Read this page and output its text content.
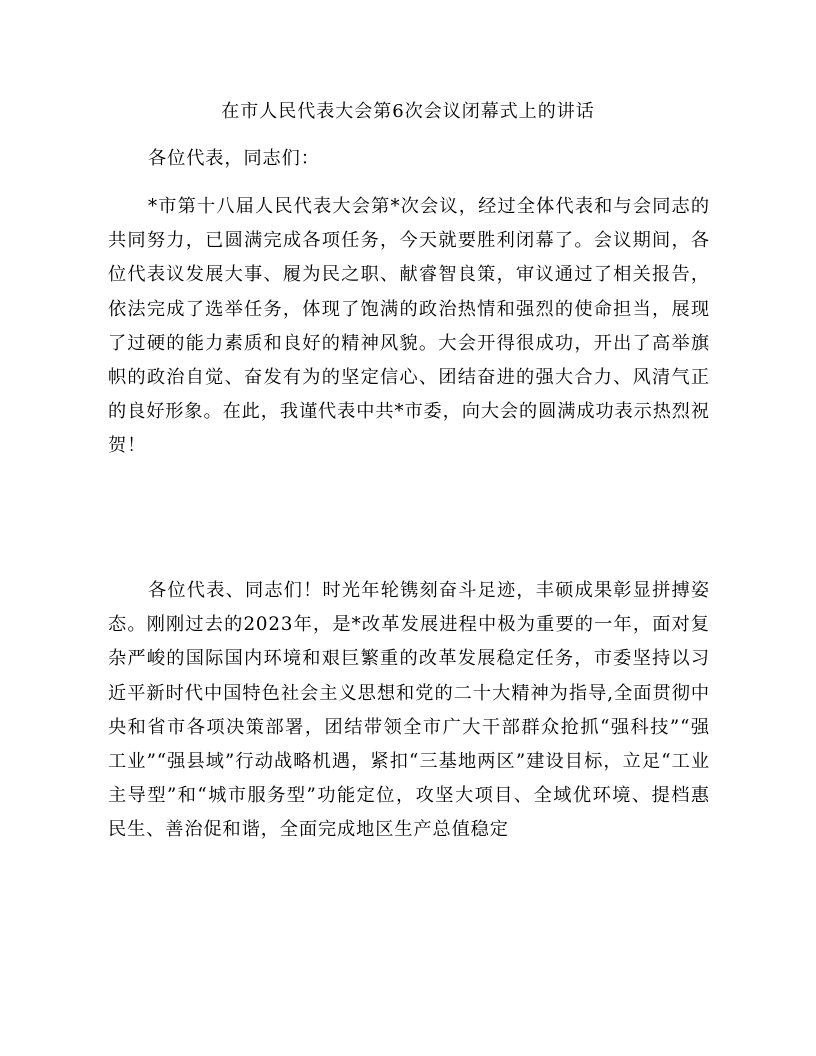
在市人民代表大会第6次会议闭幕式上的讲话

各位代表，同志们：

*市第十八届人民代表大会第*次会议，经过全体代表和与会同志的共同努力，已圆满完成各项任务，今天就要胜利闭幕了。会议期间，各位代表议发展大事、履为民之职、献睿智良策，审议通过了相关报告，依法完成了选举任务，体现了饱满的政治热情和强烈的使命担当，展现了过硬的能力素质和良好的精神风貌。大会开得很成功，开出了高举旗帜的政治自觉、奋发有为的坚定信心、团结奋进的强大合力、风清气正的良好形象。在此，我谨代表中共*市委，向大会的圆满成功表示热烈祝贺！

各位代表、同志们！时光年轮镌刻奋斗足迹，丰硕成果彰显拼搏姿态。刚刚过去的2023年，是*改革发展进程中极为重要的一年，面对复杂严峻的国际国内环境和艰巨繁重的改革发展稳定任务，市委坚持以习近平新时代中国特色社会主义思想和党的二十大精神为指导,全面贯彻中央和省市各项决策部署，团结带领全市广大干部群众抢抓“强科技”“强工业”“强县域”行动战略机遇，紧扣“三基地两区”建设目标，立足“工业主导型”和“城市服务型”功能定位，攻坚大项目、全域优环境、提档惠民生、善治促和谐，全面完成地区生产总值稳定
